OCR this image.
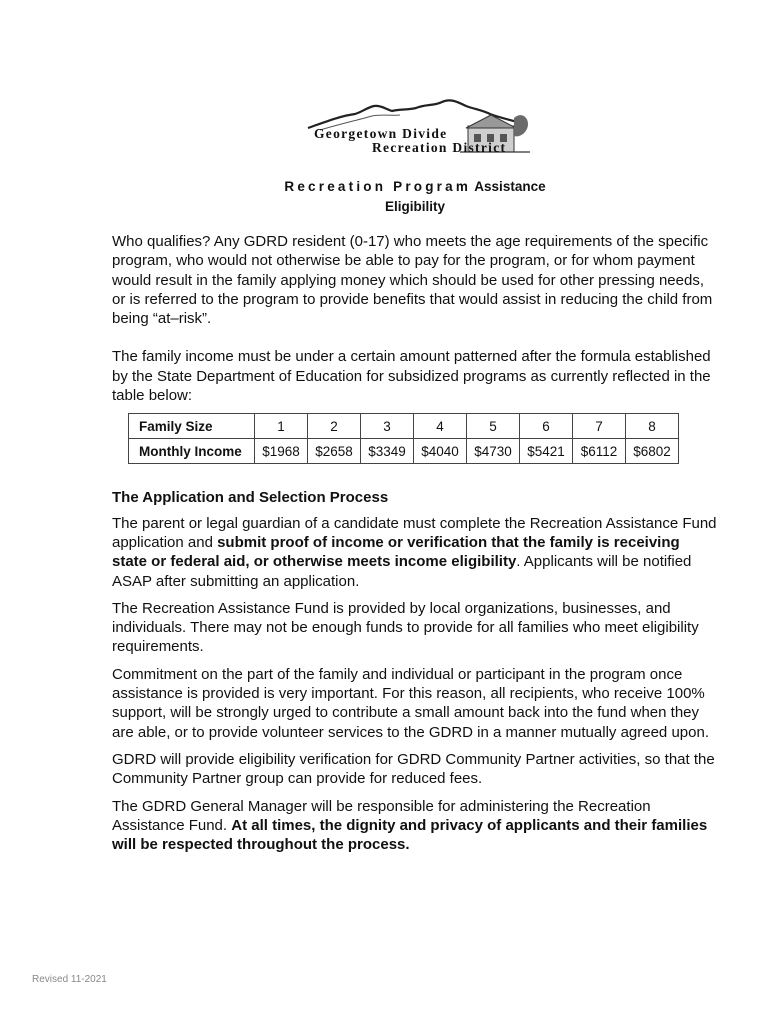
Georgetown Divide
Recreation District
Recreation Program Assistance
Eligibility

Who qualifies? Any GDRD resident (0-17) who meets the age requirements of the specific program, who would not otherwise be able to pay for the program, or for whom payment would result in the family applying money which should be used for other pressing needs, or is referred to the program to provide benefits that would assist in reducing the child from being “at–risk”.

The family income must be under a certain amount patterned after the formula established by the State Department of Education for subsidized programs as currently reflected in the table below:

Family Size	1	2	3	4	5	6	7	8
Monthly Income	$1968	$2658	$3349	$4040	$4730	$5421	$6112	$6802

The Application and Selection Process

The parent or legal guardian of a candidate must complete the Recreation Assistance Fund application and submit proof of income or verification that the family is receiving state or federal aid, or otherwise meets income eligibility. Applicants will be notified ASAP after submitting an application.

The Recreation Assistance Fund is provided by local organizations, businesses, and individuals. There may not be enough funds to provide for all families who meet eligibility requirements.

Commitment on the part of the family and individual or participant in the program once assistance is provided is very important. For this reason, all recipients, who receive 100% support, will be strongly urged to contribute a small amount back into the fund when they are able, or to provide volunteer services to the GDRD in a manner mutually agreed upon.

GDRD will provide eligibility verification for GDRD Community Partner activities, so that the Community Partner group can provide for reduced fees.

The GDRD General Manager will be responsible for administering the Recreation Assistance Fund. At all times, the dignity and privacy of applicants and their families will be respected throughout the process.

Revised 11-2021
